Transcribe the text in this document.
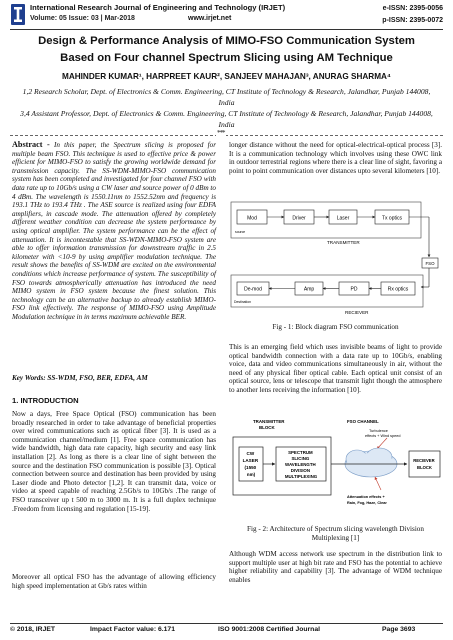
International Research Journal of Engineering and Technology (IRJET)
Volume: 05 Issue: 03 | Mar-2018	www.irjet.net
e-ISSN: 2395-0056
p-ISSN: 2395-0072
Design & Performance Analysis of MIMO-FSO Communication System Based on Four channel Spectrum Slicing using AM Technique
MAHINDER KUMAR¹, HARPREET KAUR², SANJEEV MAHAJAN³, ANURAG SHARMA⁴
1,2 Research Scholar, Dept. of Electronics & Comm. Engineering, CT Institute of Technology & Research, Jalandhar, Punjab 144008, India
3,4 Assistant Professor, Dept. of Electronics & Comm. Engineering, CT Institute of Technology & Research, Jalandhar, Punjab 144008, India
***
Abstract - In this paper, the Spectrum slicing is proposed for multiple beam FSO. This technique is used to effective price & power efficient for MIMO-FSO to satisfy the growing worldwide demand for transmission capacity. The SS-WDM-MIMO-FSO communication system has been completed and investigated for four channel FSO with data rate up to 10Gb/s using a CW laser and source power of 0 dBm to 4 dBm. The wavelength is 1550.11nm to 1552.52nm and frequency is 193.1 THz to 193.4 THz . The ASE source is realized using four EDFA amplifiers, in cascade mode. The attenuation offered by completely different weather condition can decrease the system performance by using optical amplifier. The system performance can be the effect of attenuation. It is incontestable that SS-WDN-MIMO-FSO system are able to offer information transmission for downstream traffic in 2.5 kilometer with <10-9 by using amplifier modulation technique. The result shows the benefits of SS-WDM are excited on the environmental conditions which increase performance of system. The susceptibility of FSO towards atmospherically attenuation has introduced the need MIMO system in FSO system because the finest solution. This technology can be an alternative backup to already establish MIMO-FSO link effectively. The response of MIMO-FSO using Amplitude Modulation technique in in terms maximum achievable BER.
Key Words: SS-WDM, FSO, BER, EDFA, AM
1. INTRODUCTION
Now a days, Free Space Optical (FSO) communication has been broadly researched in order to take advantage of beneficial properties over wired communications such as optical fiber [3]. It is used as a communication channel/medium [1]. Free space communication has wide bandwidth, high data rate capacity, high security and easy link installation [2]. As long as there is a clear line of sight between the source and the destination FSO communication is possible [3]. Optical connection between source and destination has been provided by using Laser diode and Photo detector [1,2]. It can transmit data, voice or video at speed capable of reaching 2.5Gb/s to 10Gb/s .The range of FSO transceiver up t 500 m to 3000 m. It is a full duplex technique .Freedom from licensing and regulation [15-19].
Moreover all optical FSO has the advantage of allowing efficiency high speed implementation at Gb/s rates within
longer distance without the need for optical-electrical-optical process [3]. It is a communication technology which involves using these OWC link in outdoor terrestrial regions where there is a clear line of sight, favoring a point to point communication over distances upto several kilometers [10].
Mod	Driver	Laser	Tx optics
source
TRANSMITTER
FSO
De-mod	Amp	PD	Rx optics
Destination
RECIEVER
Fig - 1: Block diagram FSO communication
This is an emerging field which uses invisible beams of light to provide optical bandwidth connection with a data rate up to 10Gb/s, enabling voice, data and video communications simultaneously in air, without the need of any physical fiber optical cable. Each optical unit consist of an optical source, lens or telescope that transmit light though the atmosphere to another lens receiving the information [10].
TRANSMITTER BLOCK
CW LASER (1550 nm)
SPECTRUM SLICING WAVELENGTH DIVISION MULTIPLEXING
FSO CHANNEL
Turbulence effects + Wind speed
Attenuation effects + Rain, Fog, Haze, Clear
RECIEVER BLOCK
Fig - 2: Architecture of Spectrum slicing wavelength Division Multiplexing [1]
Although WDM access network use spectrum in the distribution link to support multiple user at high bit rate and FSO has the potential to achieve higher reliability and capability [3]. The advantage of WDM technique enables
© 2018, IRJET	Impact Factor value: 6.171	ISO 9001:2008 Certified Journal	Page 3693
